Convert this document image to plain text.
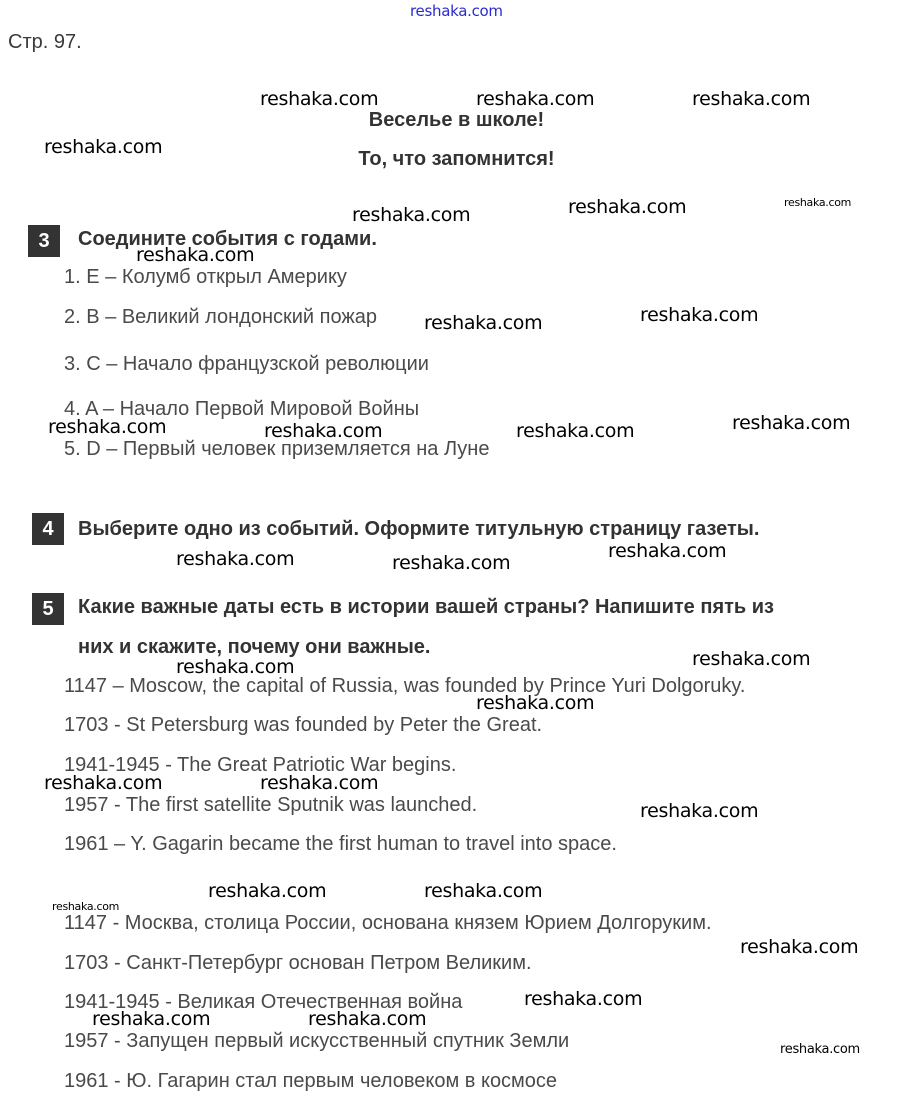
Стр. 97.
Веселье в школе!
То, что запомнится!
3	Соедините события с годами.
1. E – Колумб открыл Америку
2. B – Великий лондонский пожар
3. C – Начало французской революции
4. A – Начало Первой Мировой Войны
5. D – Первый человек приземляется на Луне
4	Выберите одно из событий. Оформите титульную страницу газеты.
5	Какие важные даты есть в истории вашей страны? Напишите пять из
них и скажите, почему они важные.
1147 – Moscow, the capital of Russia, was founded by Prince Yuri Dolgoruky.
1703 - St Petersburg was founded by Peter the Great.
1941-1945 - The Great Patriotic War begins.
1957 - The first satellite Sputnik was launched.
1961 – Y. Gagarin became the first human to travel into space.
1147 - Москва, столица России, основана князем Юрием Долгоруким.
1703 - Санкт-Петербург основан Петром Великим.
1941-1945 - Великая Отечественная война
1957 - Запущен первый искусственный спутник Земли
1961 - Ю. Гагарин стал первым человеком в космосе
reshaka.com
reshaka.com	reshaka.com	reshaka.com
reshaka.com
reshaka.com	reshaka.com	reshaka.com
reshaka.com
reshaka.com	reshaka.com
reshaka.com	reshaka.com	reshaka.com	reshaka.com
reshaka.com	reshaka.com
reshaka.com
reshaka.com	reshaka.com
reshaka.com
reshaka.com	reshaka.com
reshaka.com
reshaka.com	reshaka.com
reshaka.com
reshaka.com
reshaka.com
reshaka.com	reshaka.com
reshaka.com
